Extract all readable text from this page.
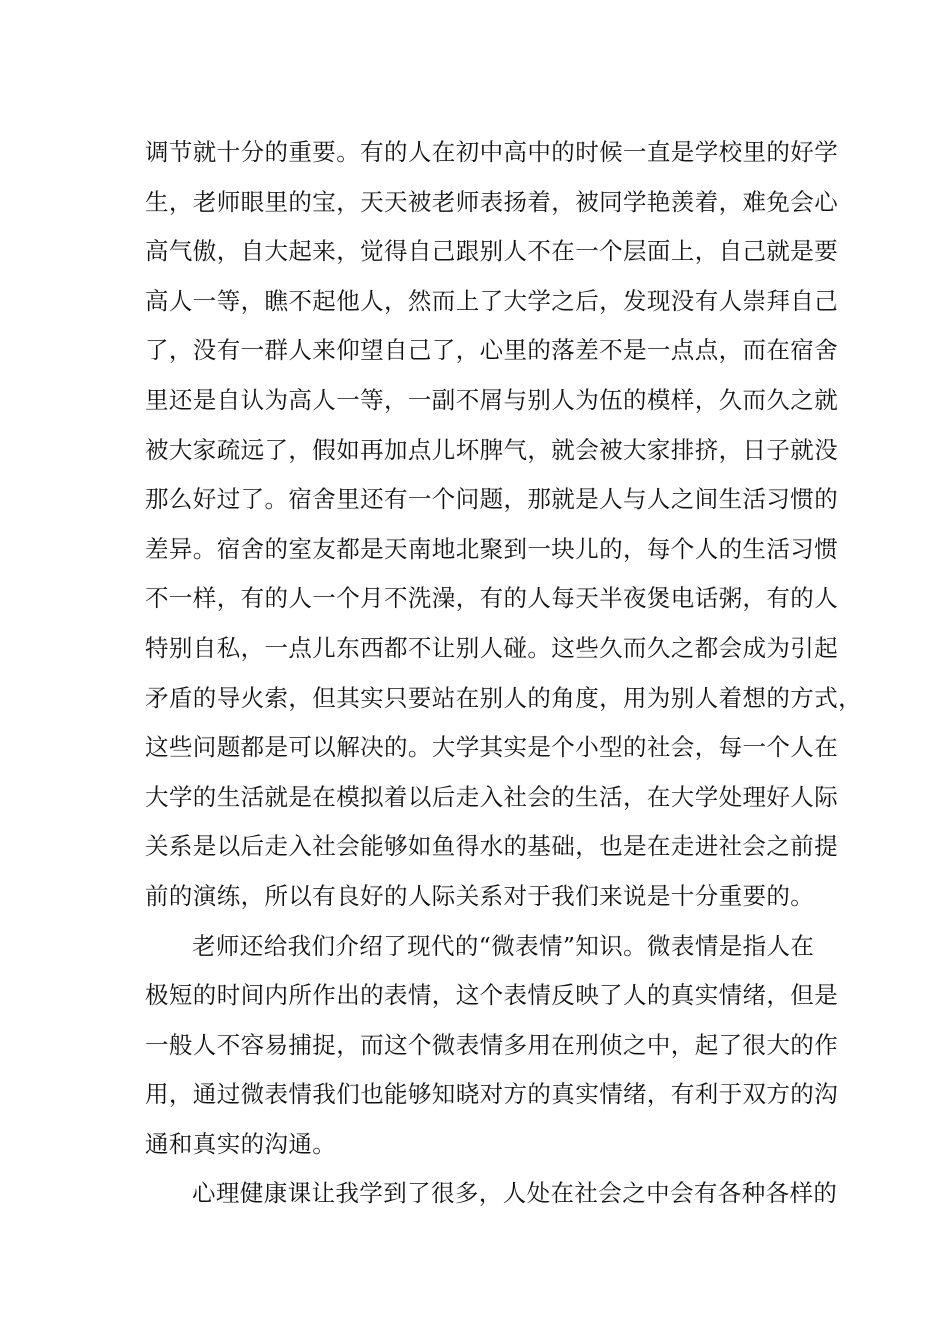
调节就十分的重要。有的人在初中高中的时候一直是学校里的好学
生，老师眼里的宝，天天被老师表扬着，被同学艳羡着，难免会心
高气傲，自大起来，觉得自己跟别人不在一个层面上，自己就是要
高人一等，瞧不起他人，然而上了大学之后，发现没有人崇拜自己
了，没有一群人来仰望自己了，心里的落差不是一点点，而在宿舍
里还是自认为高人一等，一副不屑与别人为伍的模样，久而久之就
被大家疏远了，假如再加点儿坏脾气，就会被大家排挤，日子就没
那么好过了。宿舍里还有一个问题，那就是人与人之间生活习惯的
差异。宿舍的室友都是天南地北聚到一块儿的，每个人的生活习惯
不一样，有的人一个月不洗澡，有的人每天半夜煲电话粥，有的人
特别自私，一点儿东西都不让别人碰。这些久而久之都会成为引起
矛盾的导火索，但其实只要站在别人的角度，用为别人着想的方式，
这些问题都是可以解决的。大学其实是个小型的社会，每一个人在
大学的生活就是在模拟着以后走入社会的生活，在大学处理好人际
关系是以后走入社会能够如鱼得水的基础，也是在走进社会之前提
前的演练，所以有良好的人际关系对于我们来说是十分重要的。
老师还给我们介绍了现代的“微表情”知识。微表情是指人在
极短的时间内所作出的表情，这个表情反映了人的真实情绪，但是
一般人不容易捕捉，而这个微表情多用在刑侦之中，起了很大的作
用，通过微表情我们也能够知晓对方的真实情绪，有利于双方的沟
通和真实的沟通。
心理健康课让我学到了很多，人处在社会之中会有各种各样的
